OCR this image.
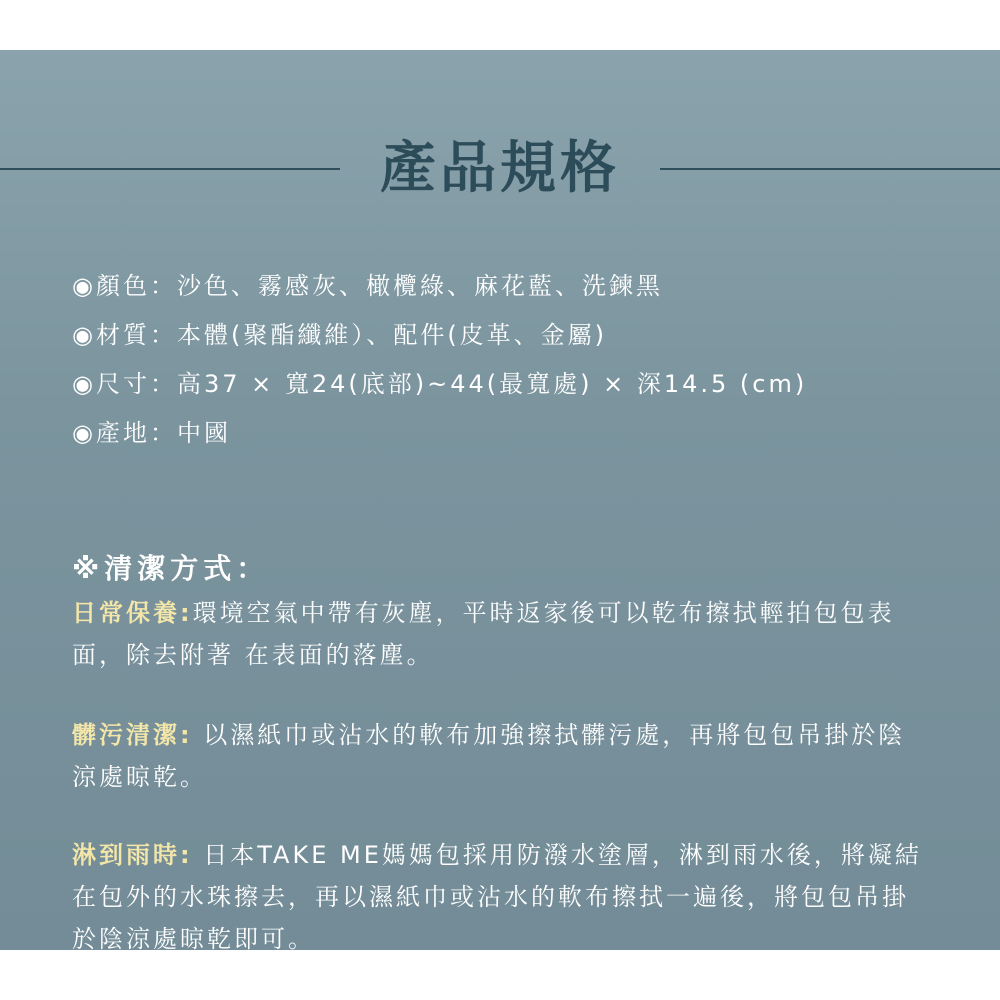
產品規格
◉顏色：沙色、霧感灰、橄欖綠、麻花藍、洗鍊黑
◉材質：本體(聚酯纖維）、配件(皮革、金屬)
◉尺寸：高37 × 寬24(底部)~44(最寬處) × 深14.5 (cm)
◉產地：中國
※清潔方式：
日常保養:環境空氣中帶有灰塵，平時返家後可以乾布擦拭輕拍包包表面，除去附著 在表面的落塵。
髒污清潔: 以濕紙巾或沾水的軟布加強擦拭髒污處，再將包包吊掛於陰涼處晾乾。
淋到雨時: 日本TAKE ME媽媽包採用防潑水塗層，淋到雨水後，將凝結在包外的水珠擦去，再以濕紙巾或沾水的軟布擦拭一遍後，將包包吊掛於陰涼處晾乾即可。
